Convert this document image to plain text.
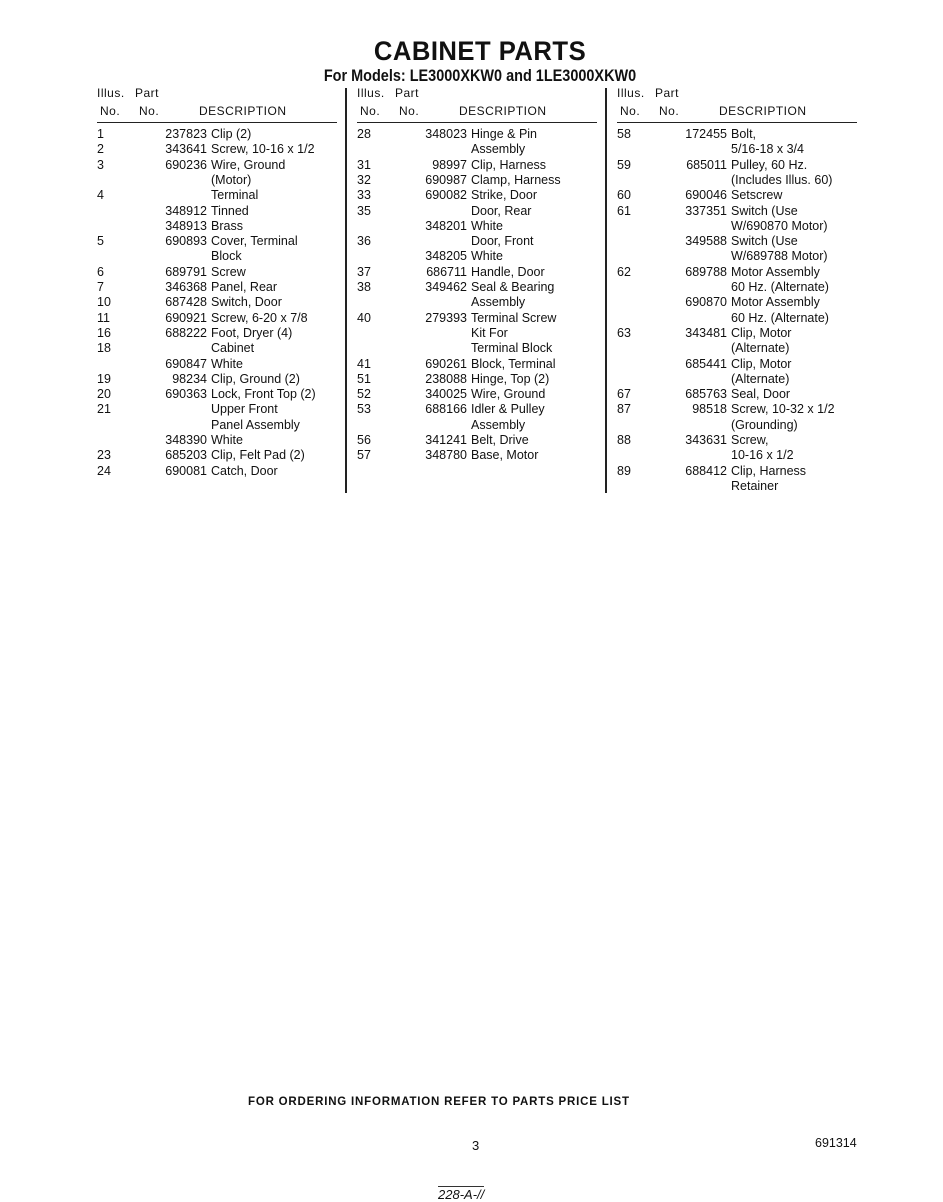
CABINET PARTS
For Models: LE3000XKW0 and 1LE3000XKW0
Illus. Part
No. No.	DESCRIPTION
1	237823 Clip (2)
2	343641 Screw, 10-16 x 1/2
3	690236 Wire, Ground
(Motor)
4	Terminal
348912 Tinned
348913 Brass
5	690893 Cover, Terminal
Block
6	689791 Screw
7	346368 Panel, Rear
10	687428 Switch, Door
11	690921 Screw, 6-20 x 7/8
16	688222 Foot, Dryer (4)
18	Cabinet
690847 White
19	98234 Clip, Ground (2)
20	690363 Lock, Front Top (2)
21	Upper Front
Panel Assembly
348390 White
23	685203 Clip, Felt Pad (2)
24	690081 Catch, Door
Illus. Part
No. No.	DESCRIPTION
28	348023 Hinge & Pin
Assembly
31	98997 Clip, Harness
32	690987 Clamp, Harness
33	690082 Strike, Door
35	Door, Rear
348201 White
36	Door, Front
348205 White
37	686711 Handle, Door
38	349462 Seal & Bearing
Assembly
40	279393 Terminal Screw
Kit For
Terminal Block
41	690261 Block, Terminal
51	238088 Hinge, Top (2)
52	340025 Wire, Ground
53	688166 Idler & Pulley
Assembly
56	341241 Belt, Drive
57	348780 Base, Motor
Illus. Part
No. No.	DESCRIPTION
58	172455 Bolt,
5/16-18 x 3/4
59	685011 Pulley, 60 Hz.
(Includes Illus. 60)
60	690046 Setscrew
61	337351 Switch (Use
W/690870 Motor)
349588 Switch (Use
W/689788 Motor)
62	689788 Motor Assembly
60 Hz. (Alternate)
690870 Motor Assembly
60 Hz. (Alternate)
63	343481 Clip, Motor
(Alternate)
685441 Clip, Motor
(Alternate)
67	685763 Seal, Door
87	98518 Screw, 10-32 x 1/2
(Grounding)
88	343631 Screw,
10-16 x 1/2
89	688412 Clip, Harness
Retainer
FOR ORDERING INFORMATION REFER TO PARTS PRICE LIST
3	691314
228-A-//
